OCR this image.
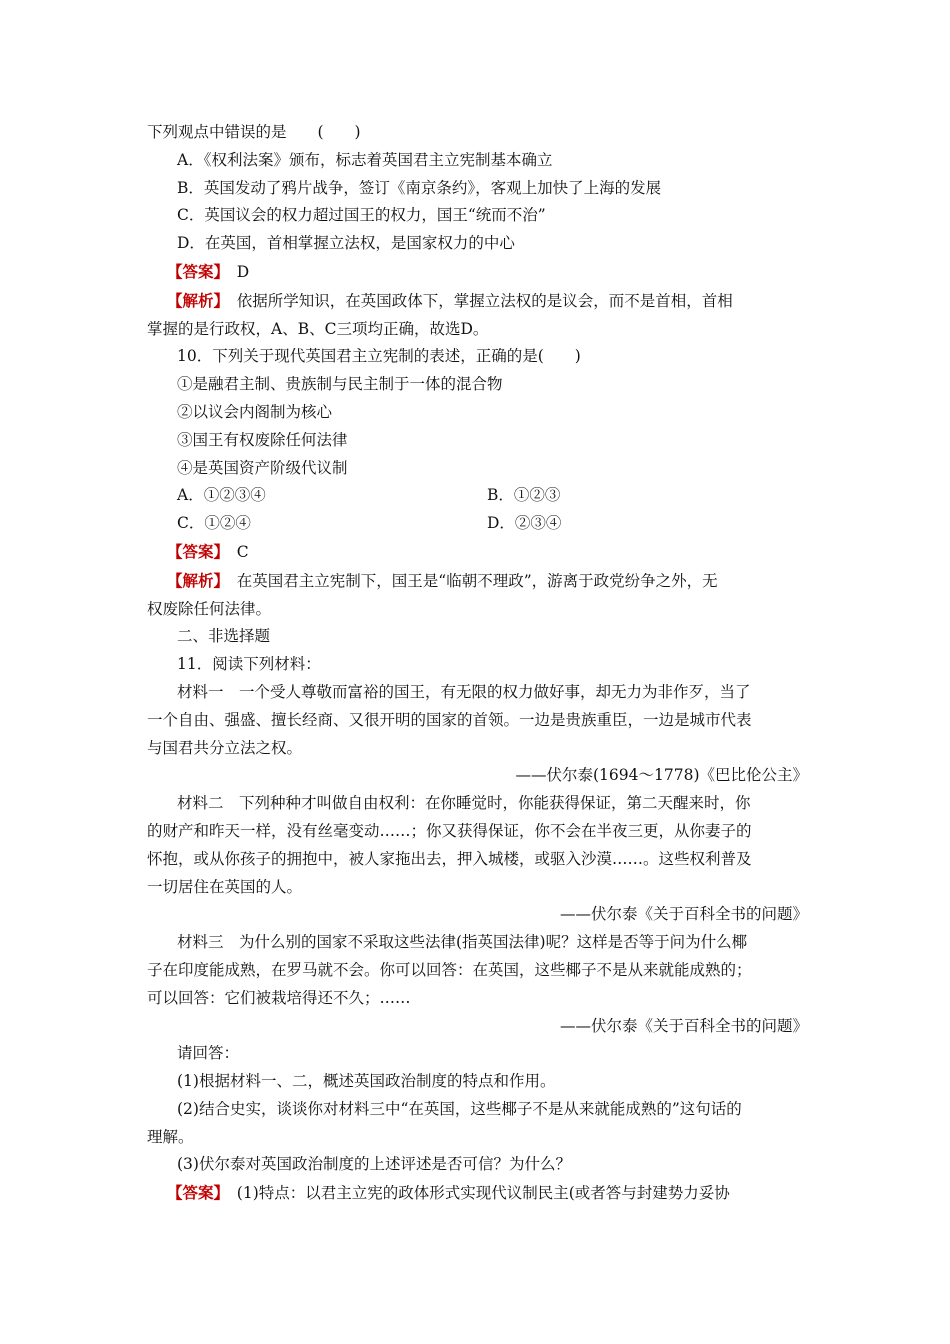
下列观点中错误的是　　(　　)
A．《权利法案》颁布，标志着英国君主立宪制基本确立
B．英国发动了鸦片战争，签订《南京条约》，客观上加快了上海的发展
C．英国议会的权力超过国王的权力，国王“统而不治”
D．在英国，首相掌握立法权，是国家权力的中心
【答案】　 D
【解析】　 依据所学知识，在英国政体下，掌握立法权的是议会，而不是首相，首相
掌握的是行政权，A、B、C三项均正确，故选D。
10．下列关于现代英国君主立宪制的表述，正确的是(　　)
①是融君主制、贵族制与民主制于一体的混合物
②以议会内阁制为核心
③国王有权废除任何法律
④是英国资产阶级代议制
A．①②③④	B．①②③
C．①②④	D．②③④
【答案】　 C
【解析】　 在英国君主立宪制下，国王是“临朝不理政”，游离于政党纷争之外，无
权废除任何法律。
二、非选择题
11．阅读下列材料：
材料一　一个受人尊敬而富裕的国王，有无限的权力做好事，却无力为非作歹，当了
一个自由、强盛、擅长经商、又很开明的国家的首领。一边是贵族重臣，一边是城市代表
与国君共分立法之权。
——伏尔泰(1694～1778)《巴比伦公主》
材料二　下列种种才叫做自由权利：在你睡觉时，你能获得保证，第二天醒来时，你
的财产和昨天一样，没有丝毫变动……；你又获得保证，你不会在半夜三更，从你妻子的
怀抱，或从你孩子的拥抱中，被人家拖出去，押入城楼，或驱入沙漠……。这些权利普及
一切居住在英国的人。
——伏尔泰《关于百科全书的问题》
材料三　为什么别的国家不采取这些法律(指英国法律)呢？这样是否等于问为什么椰
子在印度能成熟，在罗马就不会。你可以回答：在英国，这些椰子不是从来就能成熟的；
可以回答：它们被栽培得还不久；……
——伏尔泰《关于百科全书的问题》
请回答：
(1)根据材料一、二，概述英国政治制度的特点和作用。
(2)结合史实，谈谈你对材料三中“在英国，这些椰子不是从来就能成熟的”这句话的
理解。
(3)伏尔泰对英国政治制度的上述评述是否可信？为什么？
【答案】　 (1)特点：以君主立宪的政体形式实现代议制民主(或者答与封建势力妥协
